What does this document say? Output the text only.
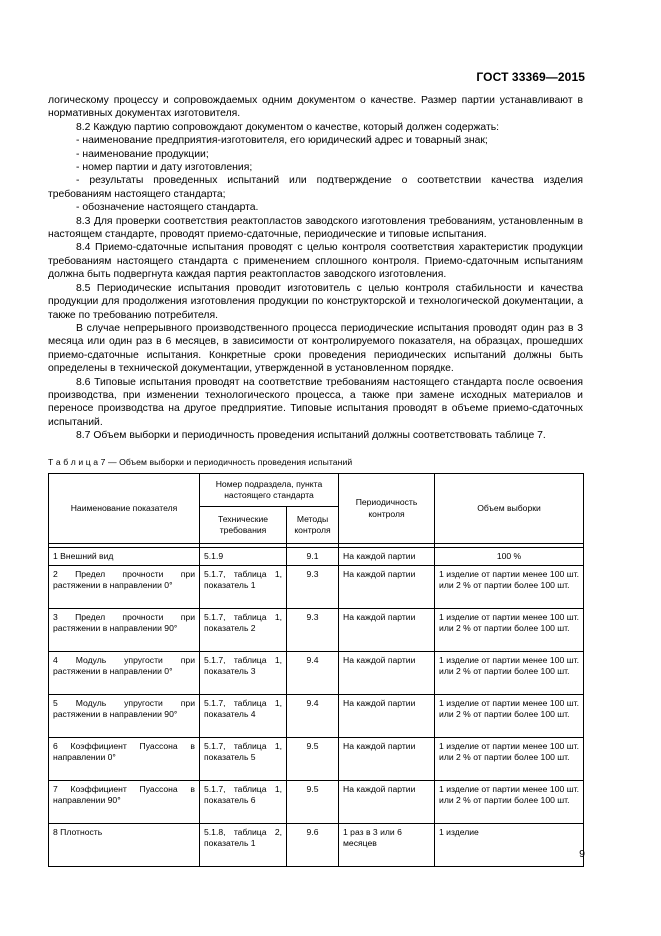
ГОСТ 33369—2015

логическому процессу и сопровождаемых одним документом о качестве. Размер партии устанавливают в нормативных документах изготовителя.

8.2 Каждую партию сопровождают документом о качестве, который должен содержать:

- наименование предприятия-изготовителя, его юридический адрес и товарный знак;

- наименование продукции;

- номер партии и дату изготовления;

- результаты проведенных испытаний или подтверждение о соответствии качества изделия требованиям настоящего стандарта;

- обозначение настоящего стандарта.

8.3 Для проверки соответствия реактопластов заводского изготовления требованиям, установленным в настоящем стандарте, проводят приемо-сдаточные, периодические и типовые испытания.

8.4 Приемо-сдаточные испытания проводят с целью контроля соответствия характеристик продукции требованиям настоящего стандарта с применением сплошного контроля. Приемо-сдаточным испытаниям должна быть подвергнута каждая партия реактопластов заводского изготовления.

8.5 Периодические испытания проводит изготовитель с целью контроля стабильности и качества продукции для продолжения изготовления продукции по конструкторской и технологической документации, а также по требованию потребителя.

В случае непрерывного производственного процесса периодические испытания проводят один раз в 3 месяца или один раз в 6 месяцев, в зависимости от контролируемого показателя, на образцах, прошедших приемо-сдаточные испытания. Конкретные сроки проведения периодических испытаний должны быть определены в технической документации, утвержденной в установленном порядке.

8.6 Типовые испытания проводят на соответствие требованиям настоящего стандарта после освоения производства, при изменении технологического процесса, а также при замене исходных материалов и переносе производства на другое предприятие. Типовые испытания проводят в объеме приемо-сдаточных испытаний.

8.7 Объем выборки и периодичность проведения испытаний должны соответствовать таблице 7.

Т а б л и ц а 7 — Объем выборки и периодичность проведения испытаний
Наименование показателя	Номер подраздела, пункта настоящего стандарта		Периодичность контроля	Объем выборки
	Технические требования	Методы контроля		

1 Внешний вид	5.1.9	9.1	На каждой партии	100 %
2 Предел прочности при растяжении в направлении 0°	5.1.7, таблица 1, показатель 1	9.3	На каждой партии	1 изделие от партии менее 100 шт. или 2 % от партии более 100 шт.
3 Предел прочности при растяжении в направлении 90°	5.1.7, таблица 1, показатель 2	9.3	На каждой партии	1 изделие от партии менее 100 шт. или 2 % от партии более 100 шт.
4 Модуль упругости при растяжении в направлении 0°	5.1.7, таблица 1, показатель 3	9.4	На каждой партии	1 изделие от партии менее 100 шт. или 2 % от партии более 100 шт.
5 Модуль упругости при растяжении в направлении 90°	5.1.7, таблица 1, показатель 4	9.4	На каждой партии	1 изделие от партии менее 100 шт. или 2 % от партии более 100 шт.
6 Коэффициент Пуассона в направлении 0°	5.1.7, таблица 1, показатель 5	9.5	На каждой партии	1 изделие от партии менее 100 шт. или 2 % от партии более 100 шт.
7 Коэффициент Пуассона в направлении 90°	5.1.7, таблица 1, показатель 6	9.5	На каждой партии	1 изделие от партии менее 100 шт. или 2 % от партии более 100 шт.
8 Плотность	5.1.8, таблица 2, показатель 1	9.6	1 раз в 3 или 6 месяцев	1 изделие
9
